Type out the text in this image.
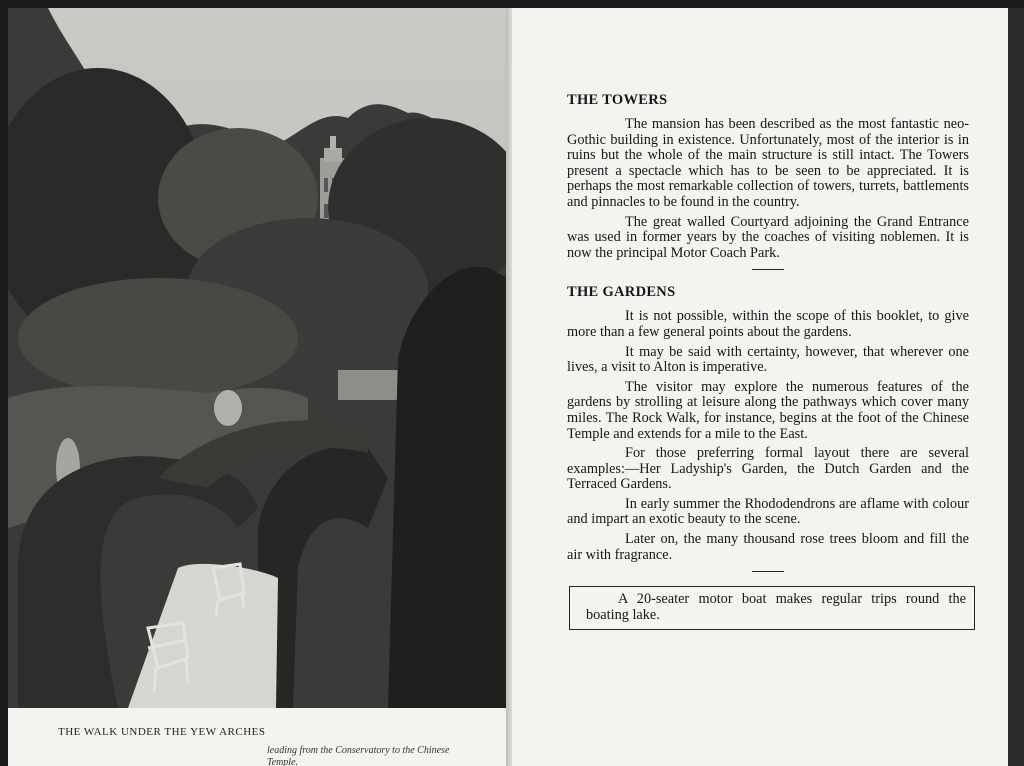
THE WALK UNDER THE YEW ARCHES
leading from the Conservatory to the Chinese Temple.
THE TOWERS

The mansion has been described as the most fantastic neo-Gothic building in existence. Unfortunately, most of the interior is in ruins but the whole of the main structure is still intact. The Towers present a spectacle which has to be seen to be appreciated. It is perhaps the most remarkable collection of towers, turrets, battlements and pinnacles to be found in the country.

The great walled Courtyard adjoining the Grand Entrance was used in former years by the coaches of visiting noblemen. It is now the principal Motor Coach Park.

THE GARDENS

It is not possible, within the scope of this booklet, to give more than a few general points about the gardens.

It may be said with certainty, however, that wherever one lives, a visit to Alton is imperative.

The visitor may explore the numerous features of the gardens by strolling at leisure along the pathways which cover many miles. The Rock Walk, for instance, begins at the foot of the Chinese Temple and extends for a mile to the East.

For those preferring formal layout there are several examples:—Her Ladyship's Garden, the Dutch Garden and the Terraced Gardens.

In early summer the Rhododendrons are aflame with colour and impart an exotic beauty to the scene.

Later on, the many thousand rose trees bloom and fill the air with fragrance.

A 20-seater motor boat makes regular trips round the boating lake.
